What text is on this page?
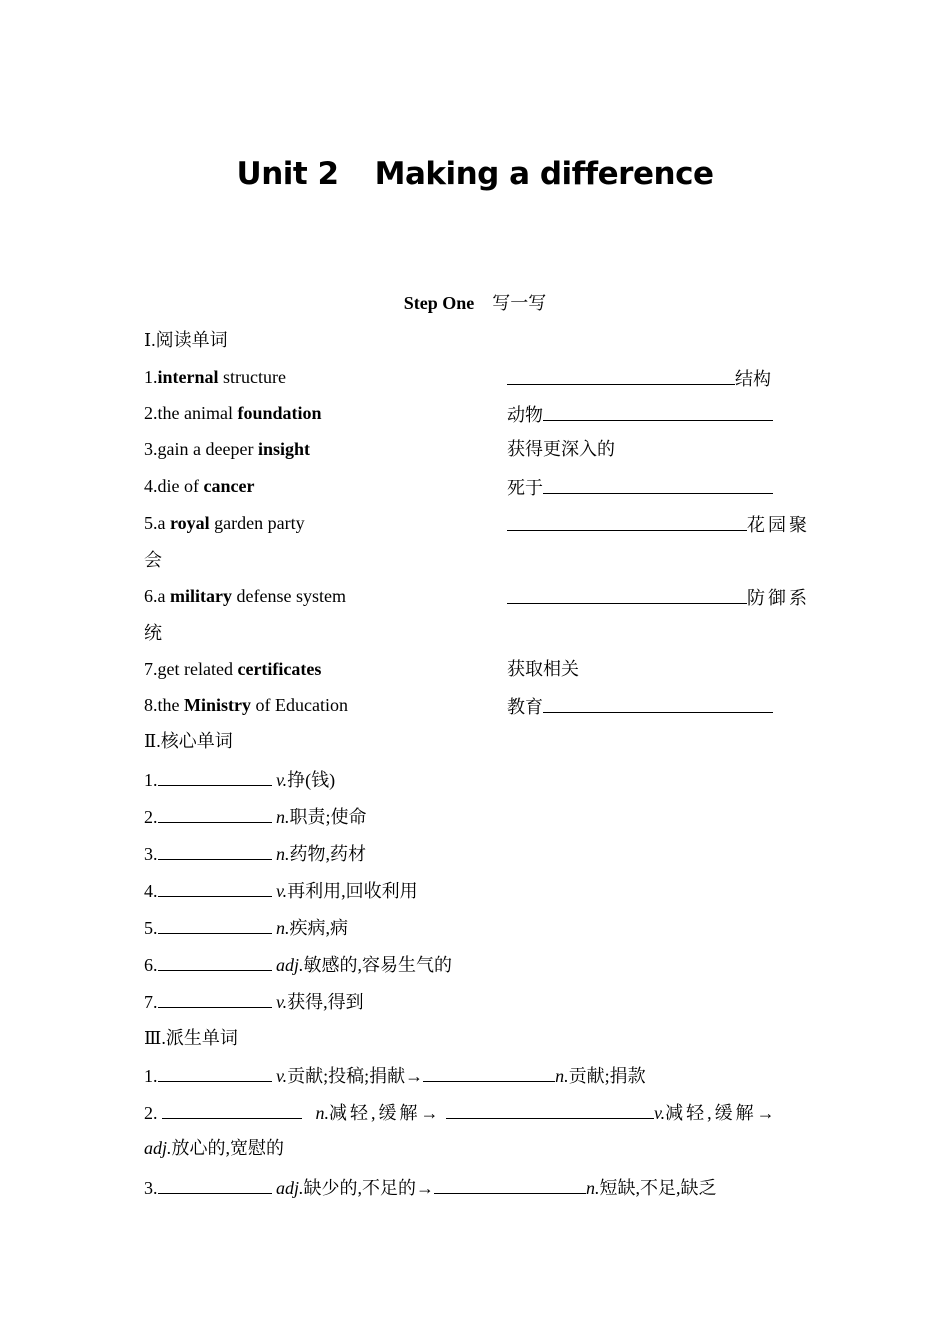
Unit 2 Making a difference
Step One 写一写
Ⅰ.阅读单词
1.internal structure	结构
2.the animal foundation	动物
3.gain a deeper insight	获得更深入的
4.die of cancer	死于
5.a royal garden party	花园聚
会
6.a military defense system	防御系
统
7.get related certificates	获取相关
8.the Ministry of Education	教育
Ⅱ.核心单词
1.	v.挣(钱)
2.	n.职责;使命
3.	n.药物,药材
4.	v.再利用,回收利用
5.	n.疾病,病
6.	adj.敏感的,容易生气的
7.	v.获得,得到
Ⅲ.派生单词
1.	v.贡献;投稿;捐献→	n.贡献;捐款
2.	n.减轻,缓解→	v.减轻,缓解→
adj.放心的,宽慰的
3.	adj.缺少的,不足的→	n.短缺,不足,缺乏
